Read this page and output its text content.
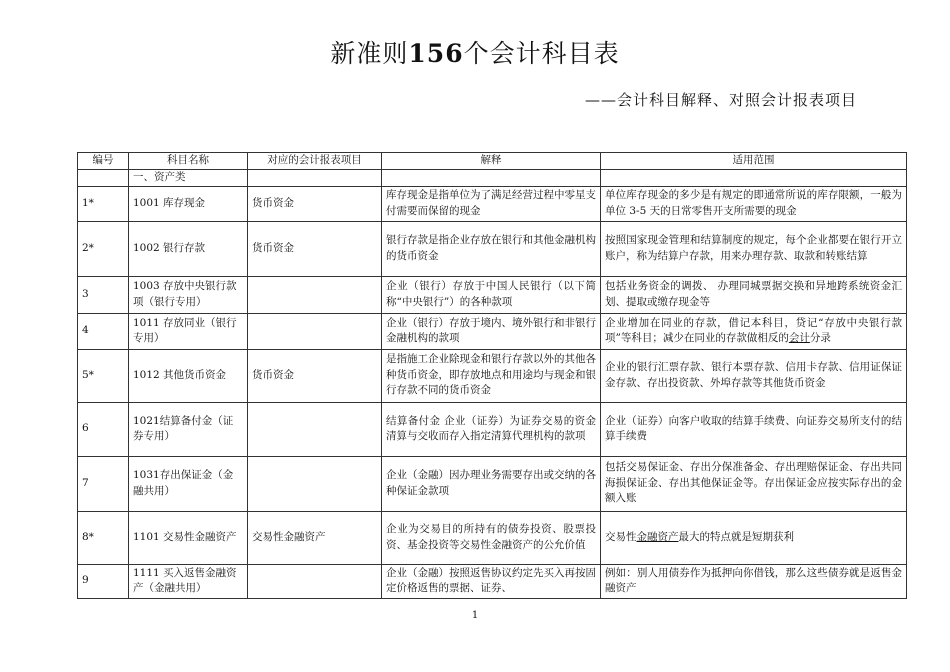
新准则156个会计科目表
——会计科目解释、对照会计报表项目
编号	科目名称	对应的会计报表项目	解释	适用范围
	一、资产类			
1*	1001 库存现金	货币资金	库存现金是指单位为了满足经营过程中零星支付需要而保留的现金	单位库存现金的多少是有规定的即通常所说的库存限额，一般为单位 3-5 天的日常零售开支所需要的现金
2*	1002 银行存款	货币资金	银行存款是指企业存放在银行和其他金融机构的货币资金	按照国家现金管理和结算制度的规定，每个企业都要在银行开立账户，称为结算户存款，用来办理存款、取款和转账结算
3	1003 存放中央银行款项（银行专用）		企业（银行）存放于中国人民银行（以下简称“中央银行”）的各种款项	包括业务资金的调拨、 办理同城票据交换和异地跨系统资金汇划、提取或缴存现金等
4	1011 存放同业（银行专用）		企业（银行）存放于境内、境外银行和非银行金融机构的款项	企业增加在同业的存款，借记本科目，贷记“存放中央银行款项”等科目；减少在同业的存款做相反的会计分录
5*	1012 其他货币资金	货币资金	是指施工企业除现金和银行存款以外的其他各种货币资金，即存放地点和用途均与现金和银行存款不同的货币资金	企业的银行汇票存款、银行本票存款、信用卡存款、信用证保证金存款、存出投资款、外埠存款等其他货币资金
6	1021结算备付金（证券专用）		结算备付金 企业（证券）为证券交易的资金清算与交收而存入指定清算代理机构的款项	企业（证券）向客户收取的结算手续费、向证券交易所支付的结算手续费
7	1031存出保证金（金融共用）		企业（金融）因办理业务需要存出或交纳的各种保证金款项	包括交易保证金、存出分保准备金、存出理赔保证金、存出共同海损保证金、存出其他保证金等。存出保证金应按实际存出的金额入账
8*	1101 交易性金融资产	交易性金融资产	企业为交易目的所持有的债券投资、股票投资、基金投资等交易性金融资产的公允价值	交易性金融资产最大的特点就是短期获利
9	1111 买入返售金融资产（金融共用）		企业（金融）按照返售协议约定先买入再按固定价格返售的票据、证券、	例如：别人用债券作为抵押向你借钱，那么这些债券就是返售金融资产
1
